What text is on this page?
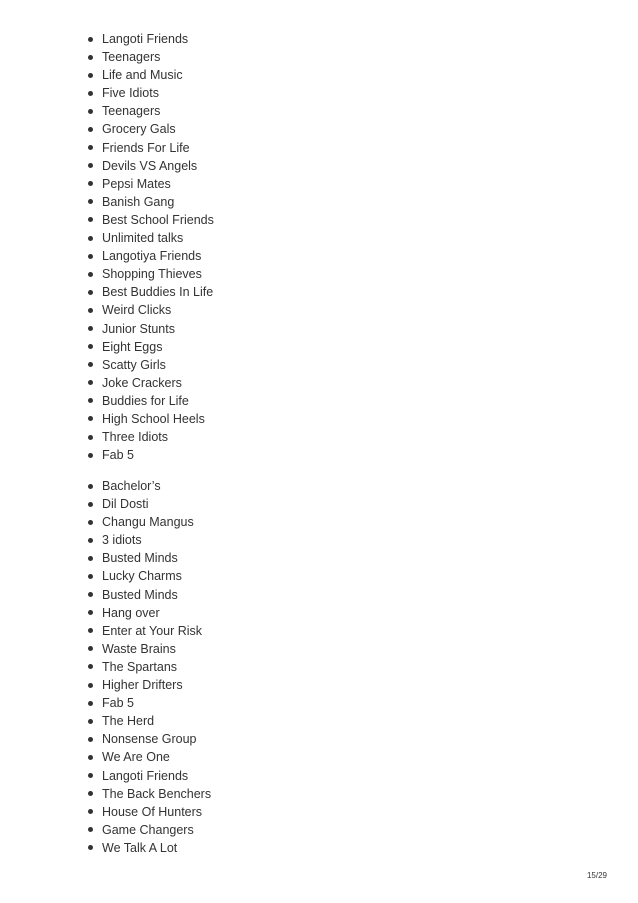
Langoti Friends
Teenagers
Life and Music
Five Idiots
Teenagers
Grocery Gals
Friends For Life
Devils VS Angels
Pepsi Mates
Banish Gang
Best School Friends
Unlimited talks
Langotiya Friends
Shopping Thieves
Best Buddies In Life
Weird Clicks
Junior Stunts
Eight Eggs
Scatty Girls
Joke Crackers
Buddies for Life
High School Heels
Three Idiots
Fab 5
Bachelor’s
Dil Dosti
Changu Mangus
3 idiots
Busted Minds
Lucky Charms
Busted Minds
Hang over
Enter at Your Risk
Waste Brains
The Spartans
Higher Drifters
Fab 5
The Herd
Nonsense Group
We Are One
Langoti Friends
The Back Benchers
House Of Hunters
Game Changers
We Talk A Lot
15/29
